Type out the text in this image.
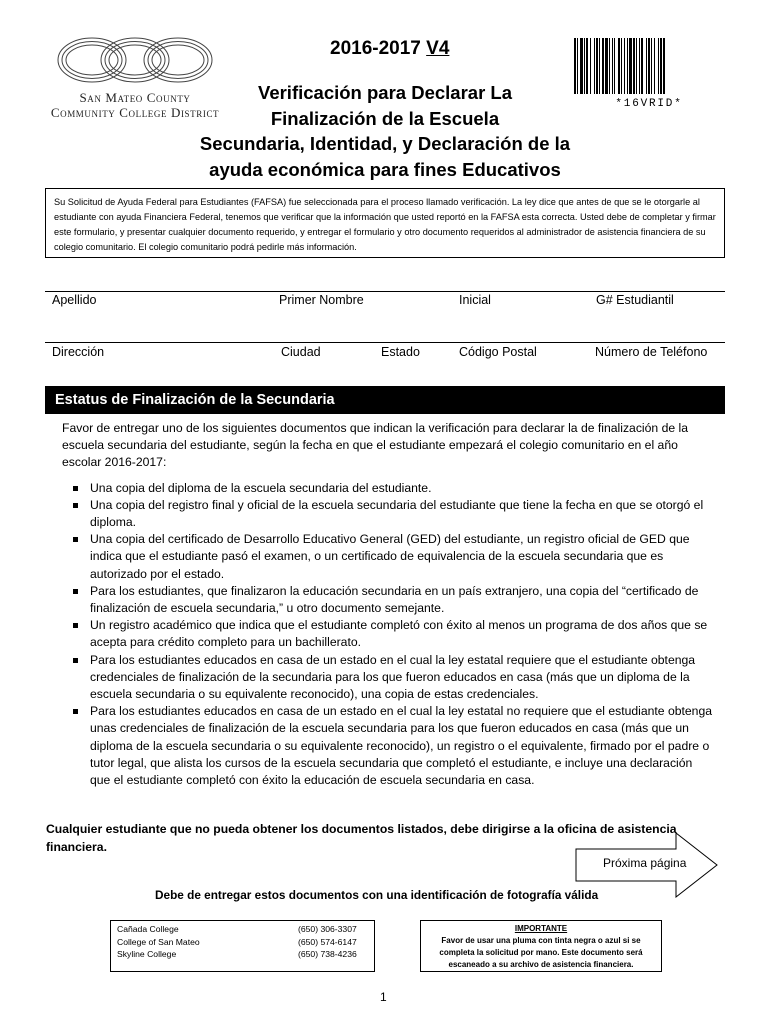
San Mateo County
Community College District
2016-2017 V4
Verificación para Declarar La
Finalización de la Escuela
Secundaria, Identidad, y Declaración de la
ayuda económica para fines Educativos
*16VRID*
Su Solicitud de Ayuda Federal para Estudiantes (FAFSA) fue seleccionada para el proceso llamado verificación. La ley dice que antes de que se le otorgarle al estudiante con ayuda Financiera Federal, tenemos que verificar que la información que usted reportó en la FAFSA esta correcta. Usted debe de completar y firmar este formulario, y presentar cualquier documento requerido, y entregar el formulario y otro documento requeridos al administrador de asistencia financiera de su colegio comunitario. El colegio comunitario podrá pedirle más información.
Apellido	Primer Nombre	Inicial	G# Estudiantil
Dirección	Ciudad	Estado	Código Postal	Número de Teléfono
Estatus de Finalización de la Secundaria

Favor de entregar uno de los siguientes documentos que indican la verificación para declarar la de finalización de la escuela secundaria del estudiante, según la fecha en que el estudiante empezará el colegio comunitario en el año escolar 2016-2017:

Una copia del diploma de la escuela secundaria del estudiante.
Una copia del registro final y oficial de la escuela secundaria del estudiante que tiene la fecha en que se otorgó el diploma.
Una copia del certificado de Desarrollo Educativo General (GED) del estudiante, un registro oficial de GED que indica que el estudiante pasó el examen, o un certificado de equivalencia de la escuela secundaria que es autorizado por el estado.
Para los estudiantes, que finalizaron la educación secundaria en un país extranjero, una copia del “certificado de finalización de escuela secundaria,” u otro documento semejante.
Un registro académico que indica que el estudiante completó con éxito al menos un programa de dos años que se acepta para crédito completo para un bachillerato.
Para los estudiantes educados en casa de un estado en el cual la ley estatal requiere que el estudiante obtenga credenciales de finalización de la secundaria para los que fueron educados en casa (más que un diploma de la escuela secundaria o su equivalente reconocido), una copia de estas credenciales.
Para los estudiantes educados en casa de un estado en el cual la ley estatal no requiere que el estudiante obtenga unas credenciales de finalización de la escuela secundaria para los que fueron educados en casa (más que un diploma de la escuela secundaria o su equivalente reconocido), un registro o el equivalente, firmado por el padre o tutor legal, que alista los cursos de la escuela secundaria que completó el estudiante, e incluye una declaración que el estudiante completó con éxito la educación de escuela secundaria en casa.
Cualquier estudiante que no pueda obtener los documentos listados, debe dirigirse a la oficina de asistencia financiera.
Próxima página
Debe de entregar estos documentos con una identificación de fotografía válida
Cañada College	(650) 306-3307
College of San Mateo	(650) 574-6147
Skyline College	(650) 738-4236
IMPORTANTE
Favor de usar una pluma con tinta negra o azul si se completa la solicitud por mano. Este documento será escaneado a su archivo de asistencia financiera.
1
